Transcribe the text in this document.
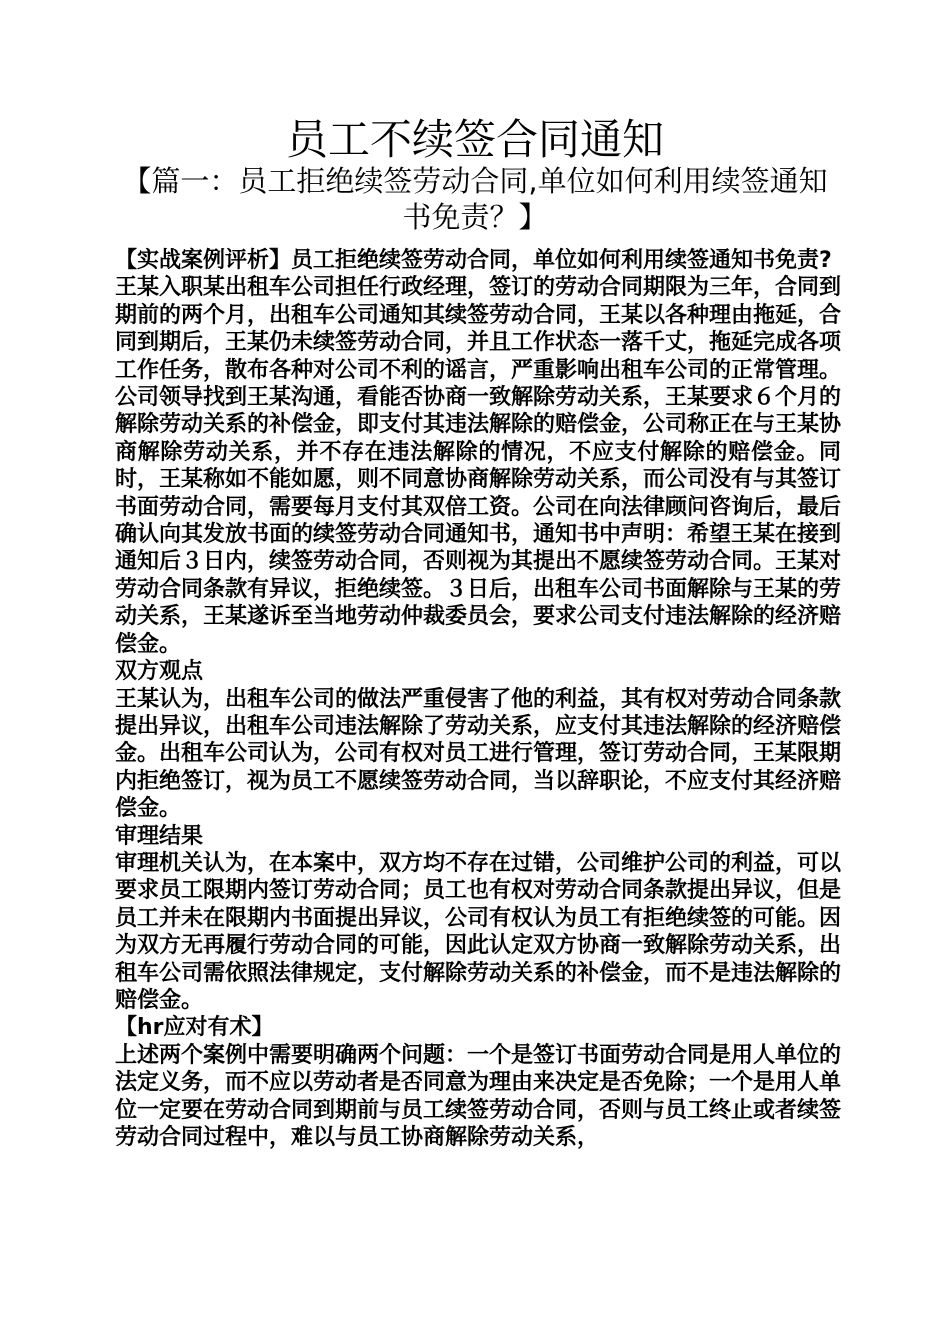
员工不续签合同通知
【篇一：员工拒绝续签劳动合同,单位如何利用续签通知书免责？】

【实战案例评析】员工拒绝续签劳动合同，单位如何利用续签通知书免责?

王某入职某出租车公司担任行政经理，签订的劳动合同期限为三年，合同到期前的两个月，出租车公司通知其续签劳动合同，王某以各种理由拖延，合同到期后，王某仍未续签劳动合同，并且工作状态一落千丈，拖延完成各项工作任务，散布各种对公司不利的谣言，严重影响出租车公司的正常管理。公司领导找到王某沟通，看能否协商一致解除劳动关系，王某要求６个月的解除劳动关系的补偿金，即支付其违法解除的赔偿金，公司称正在与王某协商解除劳动关系，并不存在违法解除的情况，不应支付解除的赔偿金。同时，王某称如不能如愿，则不同意协商解除劳动关系，而公司没有与其签订书面劳动合同，需要每月支付其双倍工资。公司在向法律顾问咨询后，最后确认向其发放书面的续签劳动合同通知书，通知书中声明：希望王某在接到通知后３日内，续签劳动合同，否则视为其提出不愿续签劳动合同。王某对劳动合同条款有异议，拒绝续签。３日后，出租车公司书面解除与王某的劳动关系，王某遂诉至当地劳动仲裁委员会，要求公司支付违法解除的经济赔偿金。

双方观点

王某认为，出租车公司的做法严重侵害了他的利益，其有权对劳动合同条款提出异议，出租车公司违法解除了劳动关系，应支付其违法解除的经济赔偿金。出租车公司认为，公司有权对员工进行管理，签订劳动合同，王某限期内拒绝签订，视为员工不愿续签劳动合同，当以辞职论，不应支付其经济赔偿金。

审理结果

审理机关认为，在本案中，双方均不存在过错，公司维护公司的利益，可以要求员工限期内签订劳动合同；员工也有权对劳动合同条款提出异议，但是员工并未在限期内书面提出异议，公司有权认为员工有拒绝续签的可能。因为双方无再履行劳动合同的可能，因此认定双方协商一致解除劳动关系，出租车公司需依照法律规定，支付解除劳动关系的补偿金，而不是违法解除的赔偿金。

【hr应对有术】

上述两个案例中需要明确两个问题：一个是签订书面劳动合同是用人单位的法定义务，而不应以劳动者是否同意为理由来决定是否免除；一个是用人单位一定要在劳动合同到期前与员工续签劳动合同，否则与员工终止或者续签劳动合同过程中，难以与员工协商解除劳动关系，
